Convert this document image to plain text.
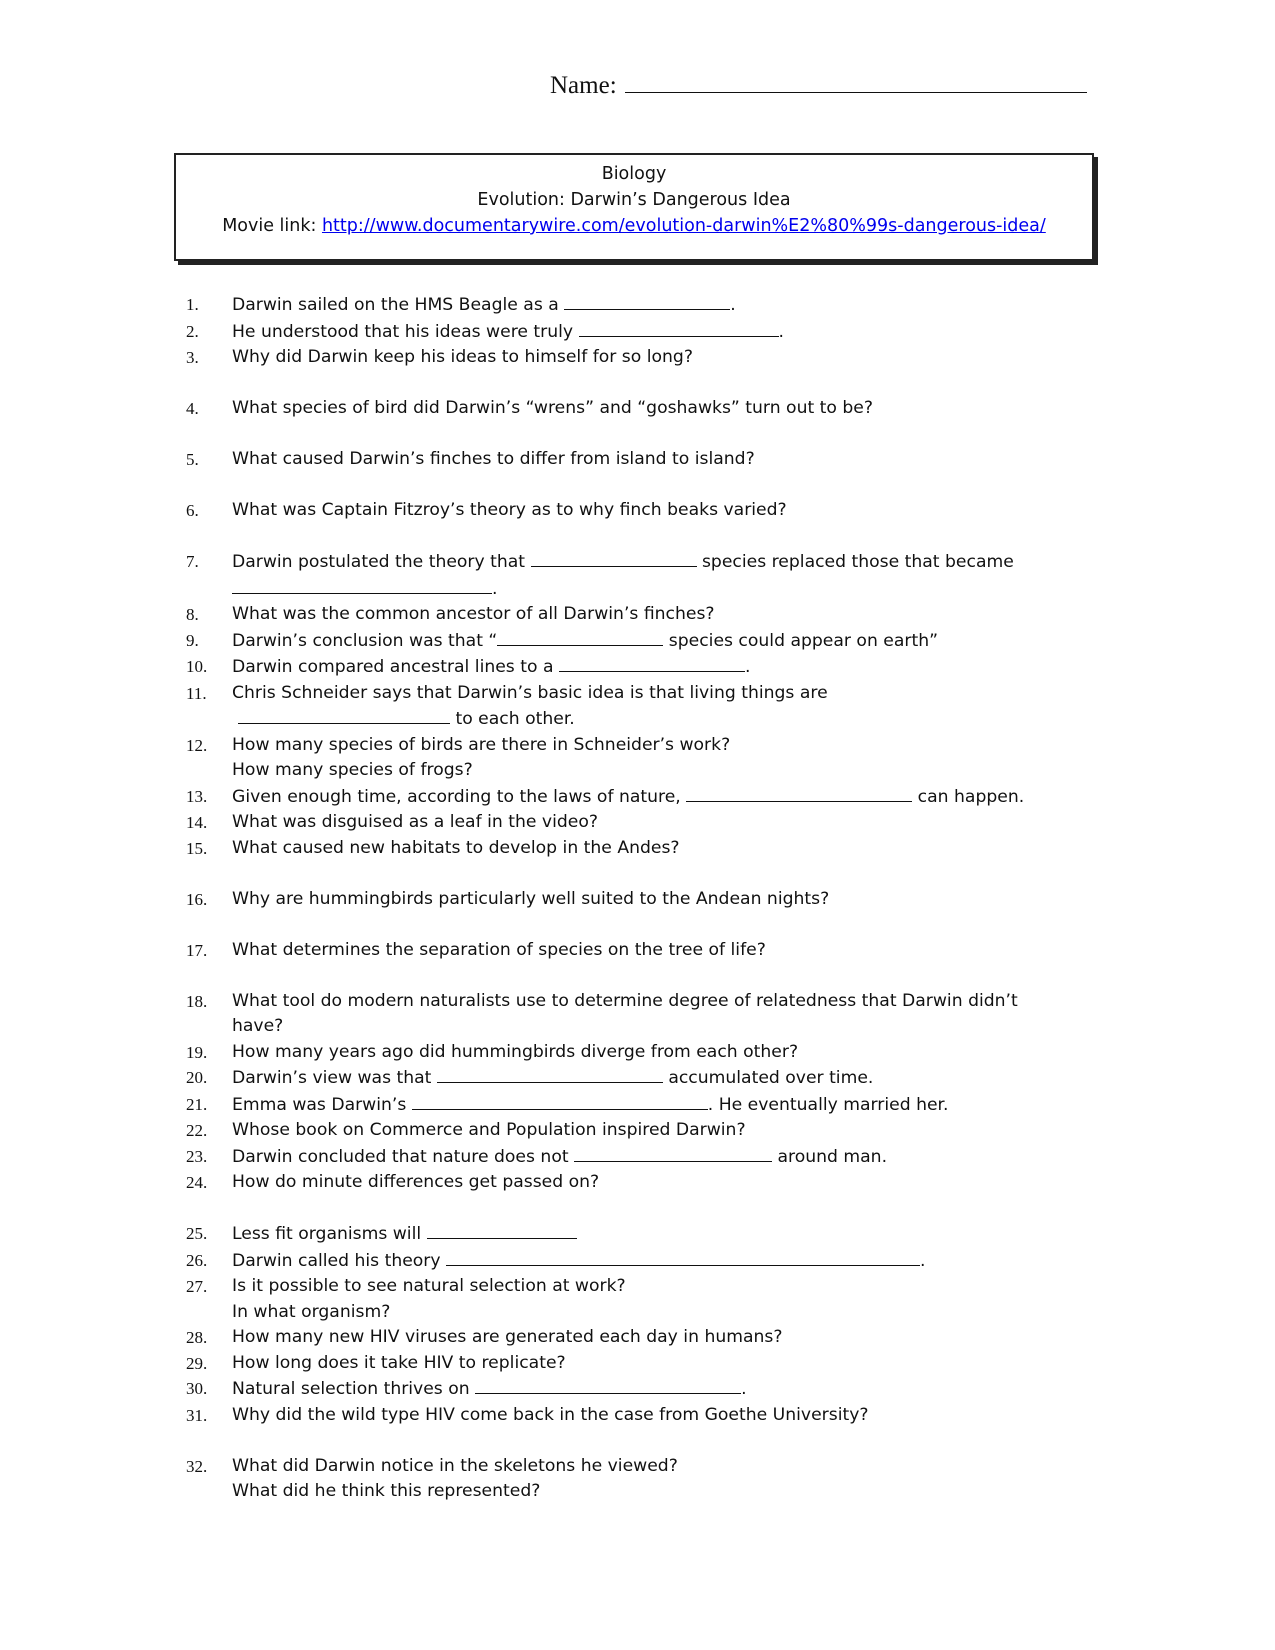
Name:
Biology
Evolution: Darwin’s Dangerous Idea
Movie link: http://www.documentarywire.com/evolution-darwin%E2%80%99s-dangerous-idea/
1. Darwin sailed on the HMS Beagle as a	.
2. He understood that his ideas were truly	.
3. Why did Darwin keep his ideas to himself for so long?
4. What species of bird did Darwin’s “wrens” and “goshawks” turn out to be?
5. What caused Darwin’s finches to differ from island to island?
6. What was Captain Fitzroy’s theory as to why finch beaks varied?
7. Darwin postulated the theory that	species replaced those that became
.
8. What was the common ancestor of all Darwin’s finches?
9. Darwin’s conclusion was that “	species could appear on earth”
10. Darwin compared ancestral lines to a	.
11. Chris Schneider says that Darwin’s basic idea is that living things are
to each other.
12. How many species of birds are there in Schneider’s work?
How many species of frogs?
13. Given enough time, according to the laws of nature,	can happen.
14. What was disguised as a leaf in the video?
15. What caused new habitats to develop in the Andes?
16. Why are hummingbirds particularly well suited to the Andean nights?
17. What determines the separation of species on the tree of life?
18. What tool do modern naturalists use to determine degree of relatedness that Darwin didn’t
have?
19. How many years ago did hummingbirds diverge from each other?
20. Darwin’s view was that	accumulated over time.
21. Emma was Darwin’s	. He eventually married her.
22. Whose book on Commerce and Population inspired Darwin?
23. Darwin concluded that nature does not	around man.
24. How do minute differences get passed on?
25. Less fit organisms will
26. Darwin called his theory	.
27. Is it possible to see natural selection at work?
In what organism?
28. How many new HIV viruses are generated each day in humans?
29. How long does it take HIV to replicate?
30. Natural selection thrives on	.
31. Why did the wild type HIV come back in the case from Goethe University?
32. What did Darwin notice in the skeletons he viewed?
What did he think this represented?
